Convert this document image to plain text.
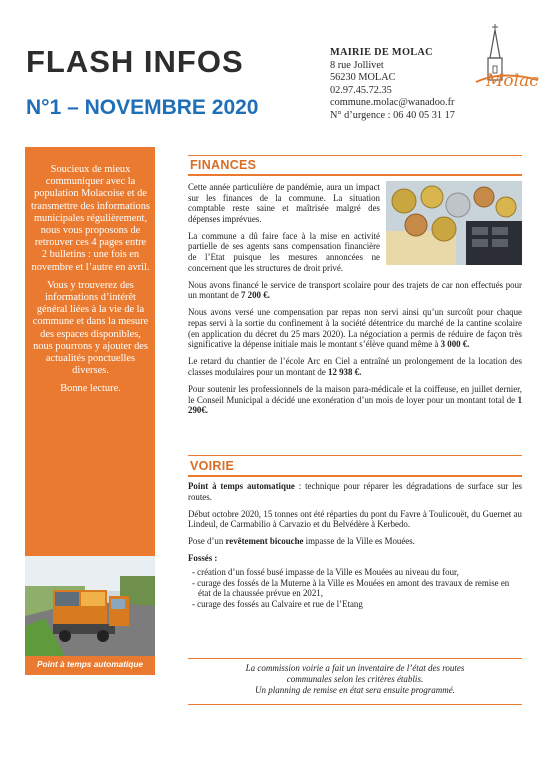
FLASH INFOS
N°1 – NOVEMBRE 2020
MAIRIE DE MOLAC
8 rue Jollivet
56230 MOLAC
02.97.45.72.35
commune.molac@wanadoo.fr
N° d’urgence : 06 40 05 31 17
Molac

Soucieux de mieux communiquer avec la population Molacoise et de transmettre des informations municipales régulièrement, nous vous proposons de retrouver ces 4 pages entre 2 bulletins : une fois en novembre et l’autre en avril.

Vous y trouverez des informations d’intérêt général liées à la vie de la commune et dans la mesure des espaces disponibles, nous pourrons y ajouter des actualités ponctuelles diverses.

Bonne lecture.

Point à temps automatique
FINANCES

Cette année particulière de pandémie, aura un impact sur les finances de la commune. La situation comptable reste saine et maîtrisée malgré des dépenses imprévues.

La commune a dû faire face à la mise en activité partielle de ses agents sans compensation financière de l’Etat puisque les mesures annoncées ne concernent que les structures de droit privé.

Nous avons financé le service de transport scolaire pour des trajets de car non effectués pour un montant de 7 200 €.

Nous avons versé une compensation par repas non servi ainsi qu’un surcoût pour chaque repas servi à la sortie du confinement à la société détentrice du marché de la cantine scolaire (en application du décret du 25 mars 2020). La négociation a permis de réduire de façon très significative la dépense initiale mais le montant s’élève quand même à 3 000 €.

Le retard du chantier de l’école Arc en Ciel a entraîné un prolongement de la location des classes modulaires pour un montant de 12 938 €.

Pour soutenir les professionnels de la maison para-médicale et la coiffeuse, en juillet dernier, le Conseil Municipal a décidé une exonération d’un mois de loyer pour un montant total de 1 290€.

VOIRIE

Point à temps automatique : technique pour réparer les dégradations de surface sur les routes.

Début octobre 2020, 15 tonnes ont été réparties du pont du Favre à Toulicouët, du Guernet au Lindeul, de Carmabilio à Carvazio et du Belvédère à Kerbedo.

Pose d’un revêtement bicouche impasse de la Ville es Mouées.

Fossés :

- création d’un fossé busé impasse de la Ville es Mouées au niveau du four,
- curage des fossés de la Muterne à la Ville es Mouées en amont des travaux de remise en état de la chaussée prévue en 2021,
- curage des fossés au Calvaire et rue de l’Etang
La commission voirie a fait un inventaire de l’état des routes
communales selon les critères établis.
Un planning de remise en état sera ensuite programmé.
